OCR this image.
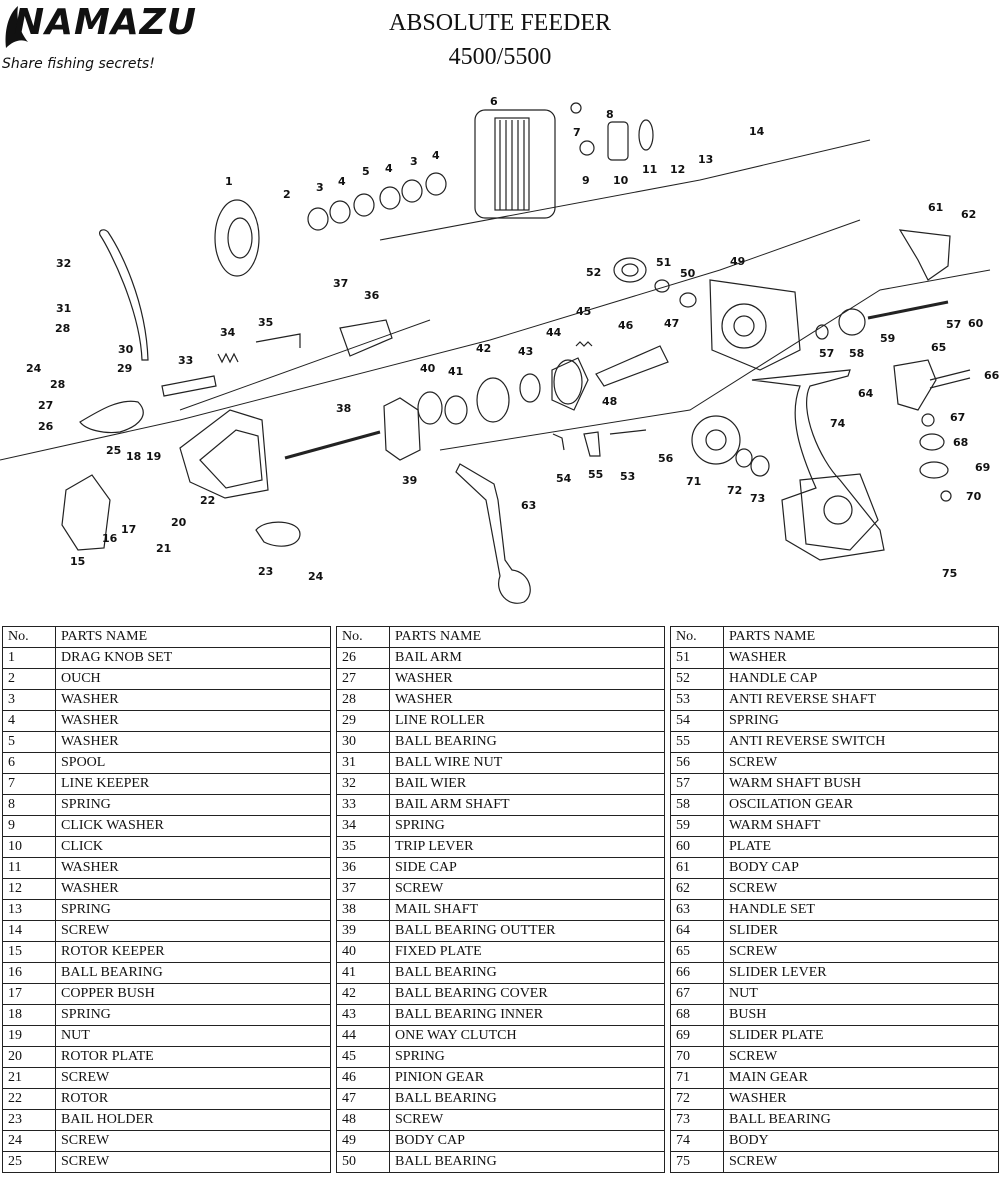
NAMAZU
Share fishing secrets!
ABSOLUTE FEEDER
4500/5500
1
2
3 4
5
3
4
4
6
7
8
9 10
11 12
13
14
15
16
17
18 19
20
21
22
23
24
24
25
26
27
28
28
29
30
31
32
33
34
35
36
37
38
39
40 41
42 43
44
45
46	47
48
49
50
51
52
53
54 55
56
57
57
58
59
60
61
62
63
64
65
66
67
68
69
70
71
72
73
74
75
No.	PARTS NAME
1	DRAG KNOB SET
2	OUCH
3	WASHER
4	WASHER
5	WASHER
6	SPOOL
7	LINE KEEPER
8	SPRING
9	CLICK WASHER
10	CLICK
11	WASHER
12	WASHER
13	SPRING
14	SCREW
15	ROTOR KEEPER
16	BALL BEARING
17	COPPER BUSH
18	SPRING
19	NUT
20	ROTOR PLATE
21	SCREW
22	ROTOR
23	BAIL HOLDER
24	SCREW
25	SCREW
No.	PARTS NAME
26	BAIL ARM
27	WASHER
28	WASHER
29	LINE ROLLER
30	BALL BEARING
31	BALL WIRE NUT
32	BAIL WIER
33	BAIL ARM SHAFT
34	SPRING
35	TRIP LEVER
36	SIDE CAP
37	SCREW
38	MAIL SHAFT
39	BALL BEARING OUTTER
40	FIXED PLATE
41	BALL BEARING
42	BALL BEARING COVER
43	BALL BEARING INNER
44	ONE WAY CLUTCH
45	SPRING
46	PINION GEAR
47	BALL BEARING
48	SCREW
49	BODY CAP
50	BALL BEARING
No.	PARTS NAME
51	WASHER
52	HANDLE CAP
53	ANTI REVERSE SHAFT
54	SPRING
55	ANTI REVERSE SWITCH
56	SCREW
57	WARM SHAFT BUSH
58	OSCILATION GEAR
59	WARM SHAFT
60	PLATE
61	BODY CAP
62	SCREW
63	HANDLE SET
64	SLIDER
65	SCREW
66	SLIDER LEVER
67	NUT
68	BUSH
69	SLIDER PLATE
70	SCREW
71	MAIN GEAR
72	WASHER
73	BALL BEARING
74	BODY
75	SCREW
